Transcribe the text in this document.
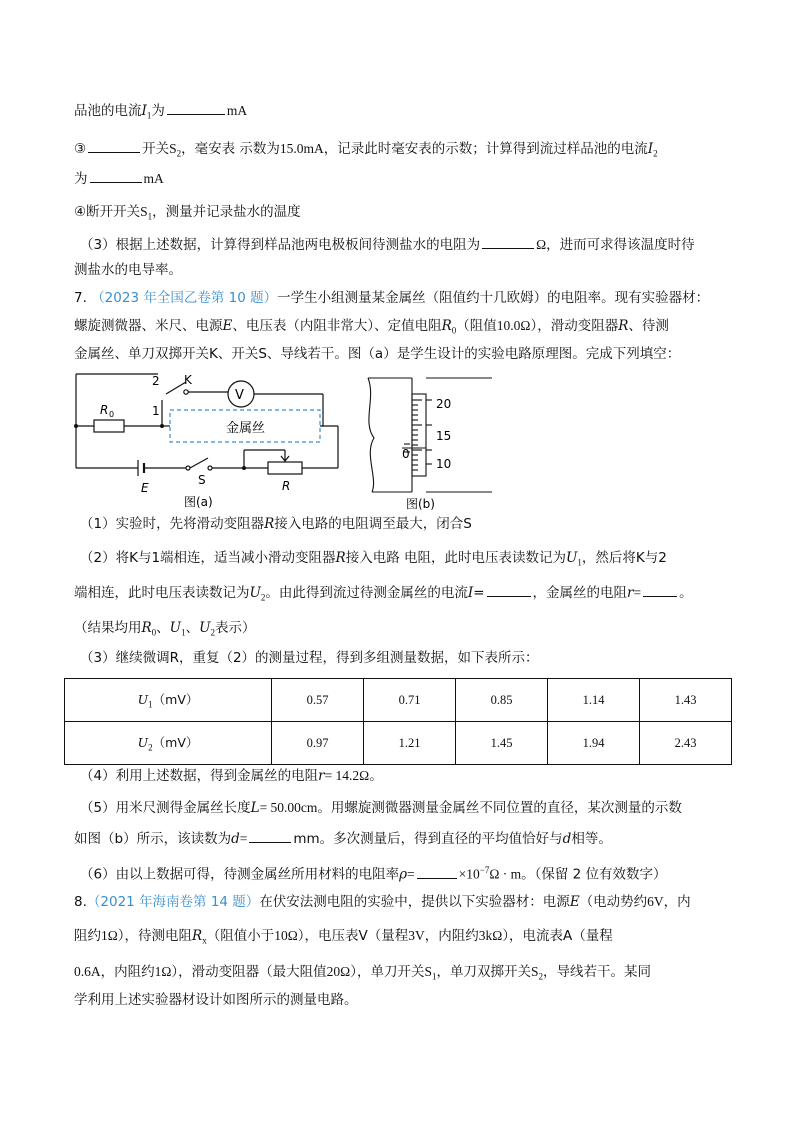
品池的电流$I_1$为	mA
③	开关$S_2$，毫安表 示数为15.0mA，记录此时毫安表的示数；计算得到流过样品池的电流$I_2$
为	mA
④断开开关$S_1$，测量并记录盐水的温度
（3）根据上述数据，计算得到样品池两电极板间待测盐水的电阻为	Ω，进而可求得该温度时待
测盐水的电导率。
7. （2023 年全国乙卷第 10 题）一学生小组测量某金属丝（阻值约十几欧姆）的电阻率。现有实验器材：
螺旋测微器、米尺、电源E、电压表（内阻非常大）、定值电阻$R_0$（阻值10.0Ω），滑动变阻器R、待测
金属丝、单刀双掷开关K、开关S、导线若干。图（a）是学生设计的实验电路原理图。完成下列填空：
2 K
1
V
R 0
金属丝
E
S	R
图(a)
20
15
10
0
图(b)
（1）实验时，先将滑动变阻器R接入电路的电阻调至最大，闭合S
（2）将K与1端相连，适当减小滑动变阻器R接入电路 电阻，此时电压表读数记为$U_1$，然后将K与2
端相连，此时电压表读数记为$U_2$。由此得到流过待测金属丝的电流I=	，金属丝的电阻r=	。
（结果均用$R_0$、$U_1$、$U_2$表示）
（3）继续微调R，重复（2）的测量过程，得到多组测量数据，如下表所示：
$U_1(mV)$	0.57	0.71	0.85	1.14	1.43
$U_2(mV)$	0.97	1.21	1.45	1.94	2.43
（4）利用上述数据，得到金属丝的电阻r= 14.2Ω。
（5）用米尺测得金属丝长度L= 50.00cm。用螺旋测微器测量金属丝不同位置的直径，某次测量的示数
如图（b）所示，该读数为d=	mm。多次测量后，得到直径的平均值恰好与d相等。
（6）由以上数据可得，待测金属丝所用材料的电阻率ρ=	$\times 10^{-7}\Omega \cdot m$。（保留 2 位有效数字）
8.（2021 年海南卷第 14 题）在伏安法测电阻的实验中，提供以下实验器材：电源E（电动势约6V，内
阻约1Ω），待测电阻$R_x$（阻值小于10Ω），电压表V（量程3V，内阻约3kΩ），电流表A（量程
0.6A，内阻约1Ω），滑动变阻器（最大阻值20Ω），单刀开关$S_1$，单刀双掷开关$S_2$，导线若干。某同
学利用上述实验器材设计如图所示的测量电路。
